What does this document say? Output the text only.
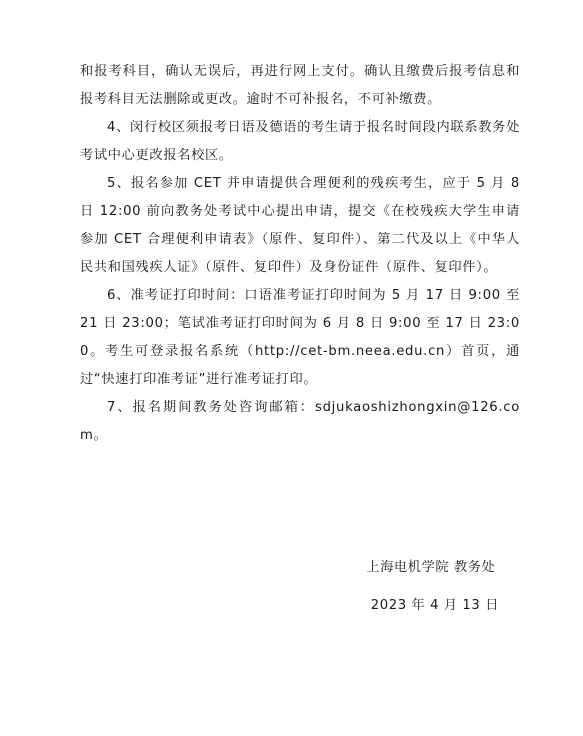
和报考科目，确认无误后，再进行网上支付。确认且缴费后报考信息和报考科目无法删除或更改。逾时不可补报名，不可补缴费。

4、闵行校区须报考日语及德语的考生请于报名时间段内联系教务处考试中心更改报名校区。

5、报名参加 CET 并申请提供合理便利的残疾考生，应于 5 月 8 日 12:00 前向教务处考试中心提出申请，提交《在校残疾大学生申请参加 CET 合理便利申请表》（原件、复印件）、第二代及以上《中华人民共和国残疾人证》（原件、复印件）及身份证件（原件、复印件）。

6、准考证打印时间：口语准考证打印时间为 5 月 17 日 9:00 至 21 日 23:00；笔试准考证打印时间为 6 月 8 日 9:00 至 17 日 23:00。考生可登录报名系统（http://cet-bm.neea.edu.cn）首页，通过“快速打印准考证”进行准考证打印。

7、报名期间教务处咨询邮箱：sdjukaoshizhongxin@126.com。

上海电机学院 教务处

2023 年 4 月 13 日
